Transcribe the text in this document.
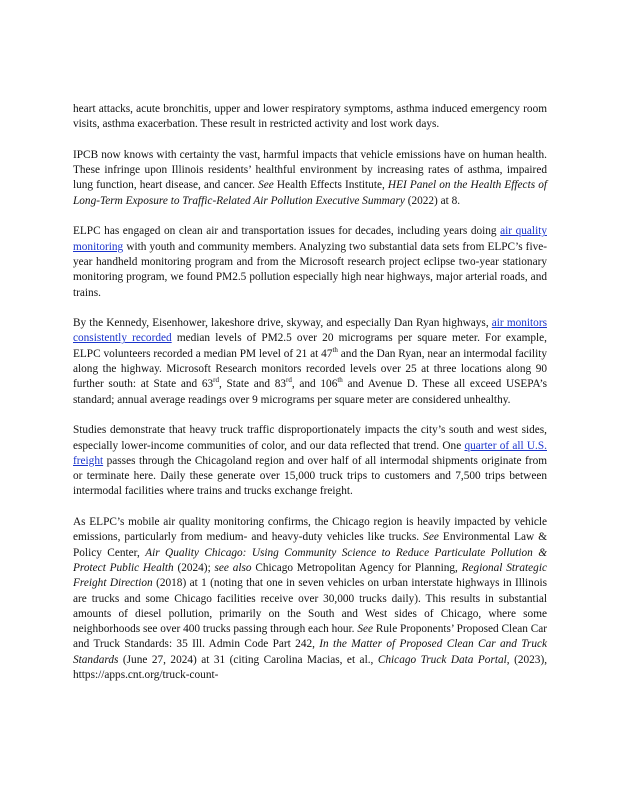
heart attacks, acute bronchitis, upper and lower respiratory symptoms, asthma induced emergency room visits, asthma exacerbation. These result in restricted activity and lost work days.

IPCB now knows with certainty the vast, harmful impacts that vehicle emissions have on human health. These infringe upon Illinois residents’ healthful environment by increasing rates of asthma, impaired lung function, heart disease, and cancer. See Health Effects Institute, HEI Panel on the Health Effects of Long-Term Exposure to Traffic-Related Air Pollution Executive Summary (2022) at 8.

ELPC has engaged on clean air and transportation issues for decades, including years doing air quality monitoring with youth and community members. Analyzing two substantial data sets from ELPC’s five-year handheld monitoring program and from the Microsoft research project eclipse two-year stationary monitoring program, we found PM2.5 pollution especially high near highways, major arterial roads, and trains.

By the Kennedy, Eisenhower, lakeshore drive, skyway, and especially Dan Ryan highways, air monitors consistently recorded median levels of PM2.5 over 20 micrograms per square meter. For example, ELPC volunteers recorded a median PM level of 21 at 47th and the Dan Ryan, near an intermodal facility along the highway. Microsoft Research monitors recorded levels over 25 at three locations along 90 further south: at State and 63rd, State and 83rd, and 106th and Avenue D. These all exceed USEPA’s standard; annual average readings over 9 micrograms per square meter are considered unhealthy.

Studies demonstrate that heavy truck traffic disproportionately impacts the city’s south and west sides, especially lower-income communities of color, and our data reflected that trend. One quarter of all U.S. freight passes through the Chicagoland region and over half of all intermodal shipments originate from or terminate here. Daily these generate over 15,000 truck trips to customers and 7,500 trips between intermodal facilities where trains and trucks exchange freight.

As ELPC’s mobile air quality monitoring confirms, the Chicago region is heavily impacted by vehicle emissions, particularly from medium- and heavy-duty vehicles like trucks. See Environmental Law & Policy Center, Air Quality Chicago: Using Community Science to Reduce Particulate Pollution & Protect Public Health (2024); see also Chicago Metropolitan Agency for Planning, Regional Strategic Freight Direction (2018) at 1 (noting that one in seven vehicles on urban interstate highways in Illinois are trucks and some Chicago facilities receive over 30,000 trucks daily). This results in substantial amounts of diesel pollution, primarily on the South and West sides of Chicago, where some neighborhoods see over 400 trucks passing through each hour. See Rule Proponents’ Proposed Clean Car and Truck Standards: 35 Ill. Admin Code Part 242, In the Matter of Proposed Clean Car and Truck Standards (June 27, 2024) at 31 (citing Carolina Macias, et al., Chicago Truck Data Portal, (2023), https://apps.cnt.org/truck-count-
